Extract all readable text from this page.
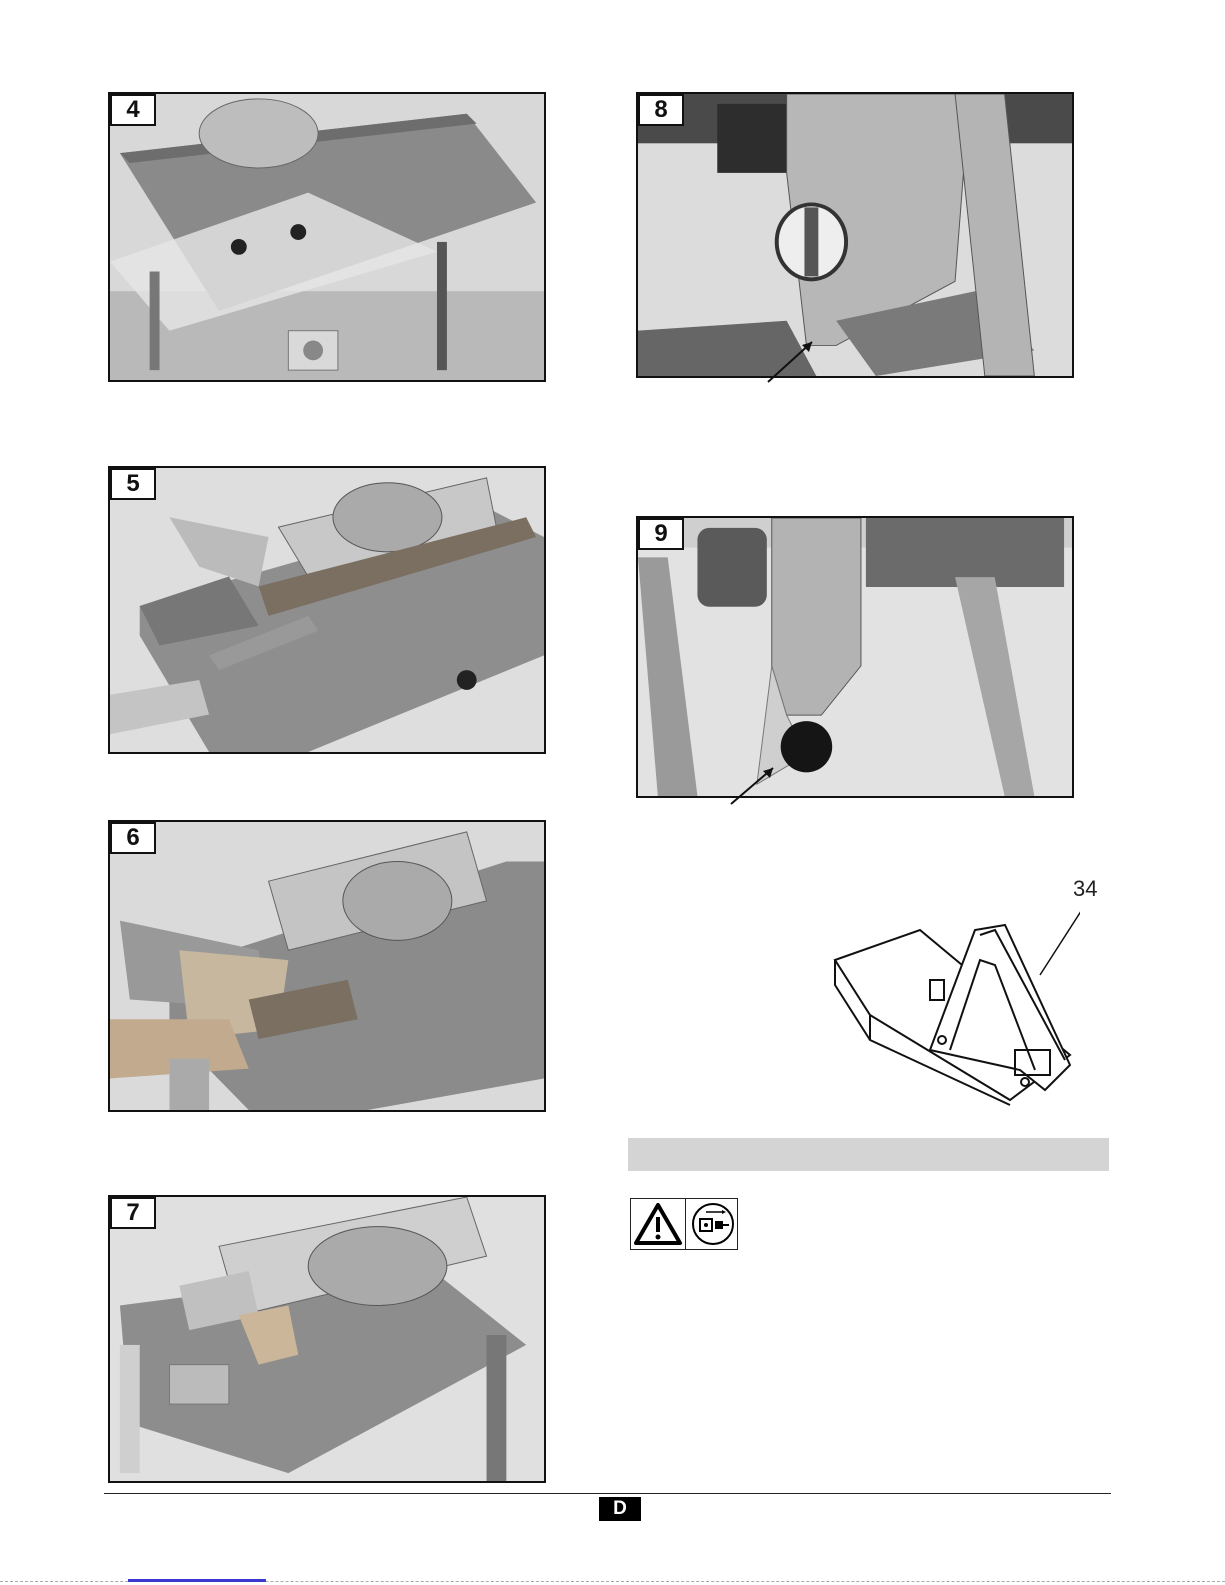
4
5
6
7
8
9
34
D
